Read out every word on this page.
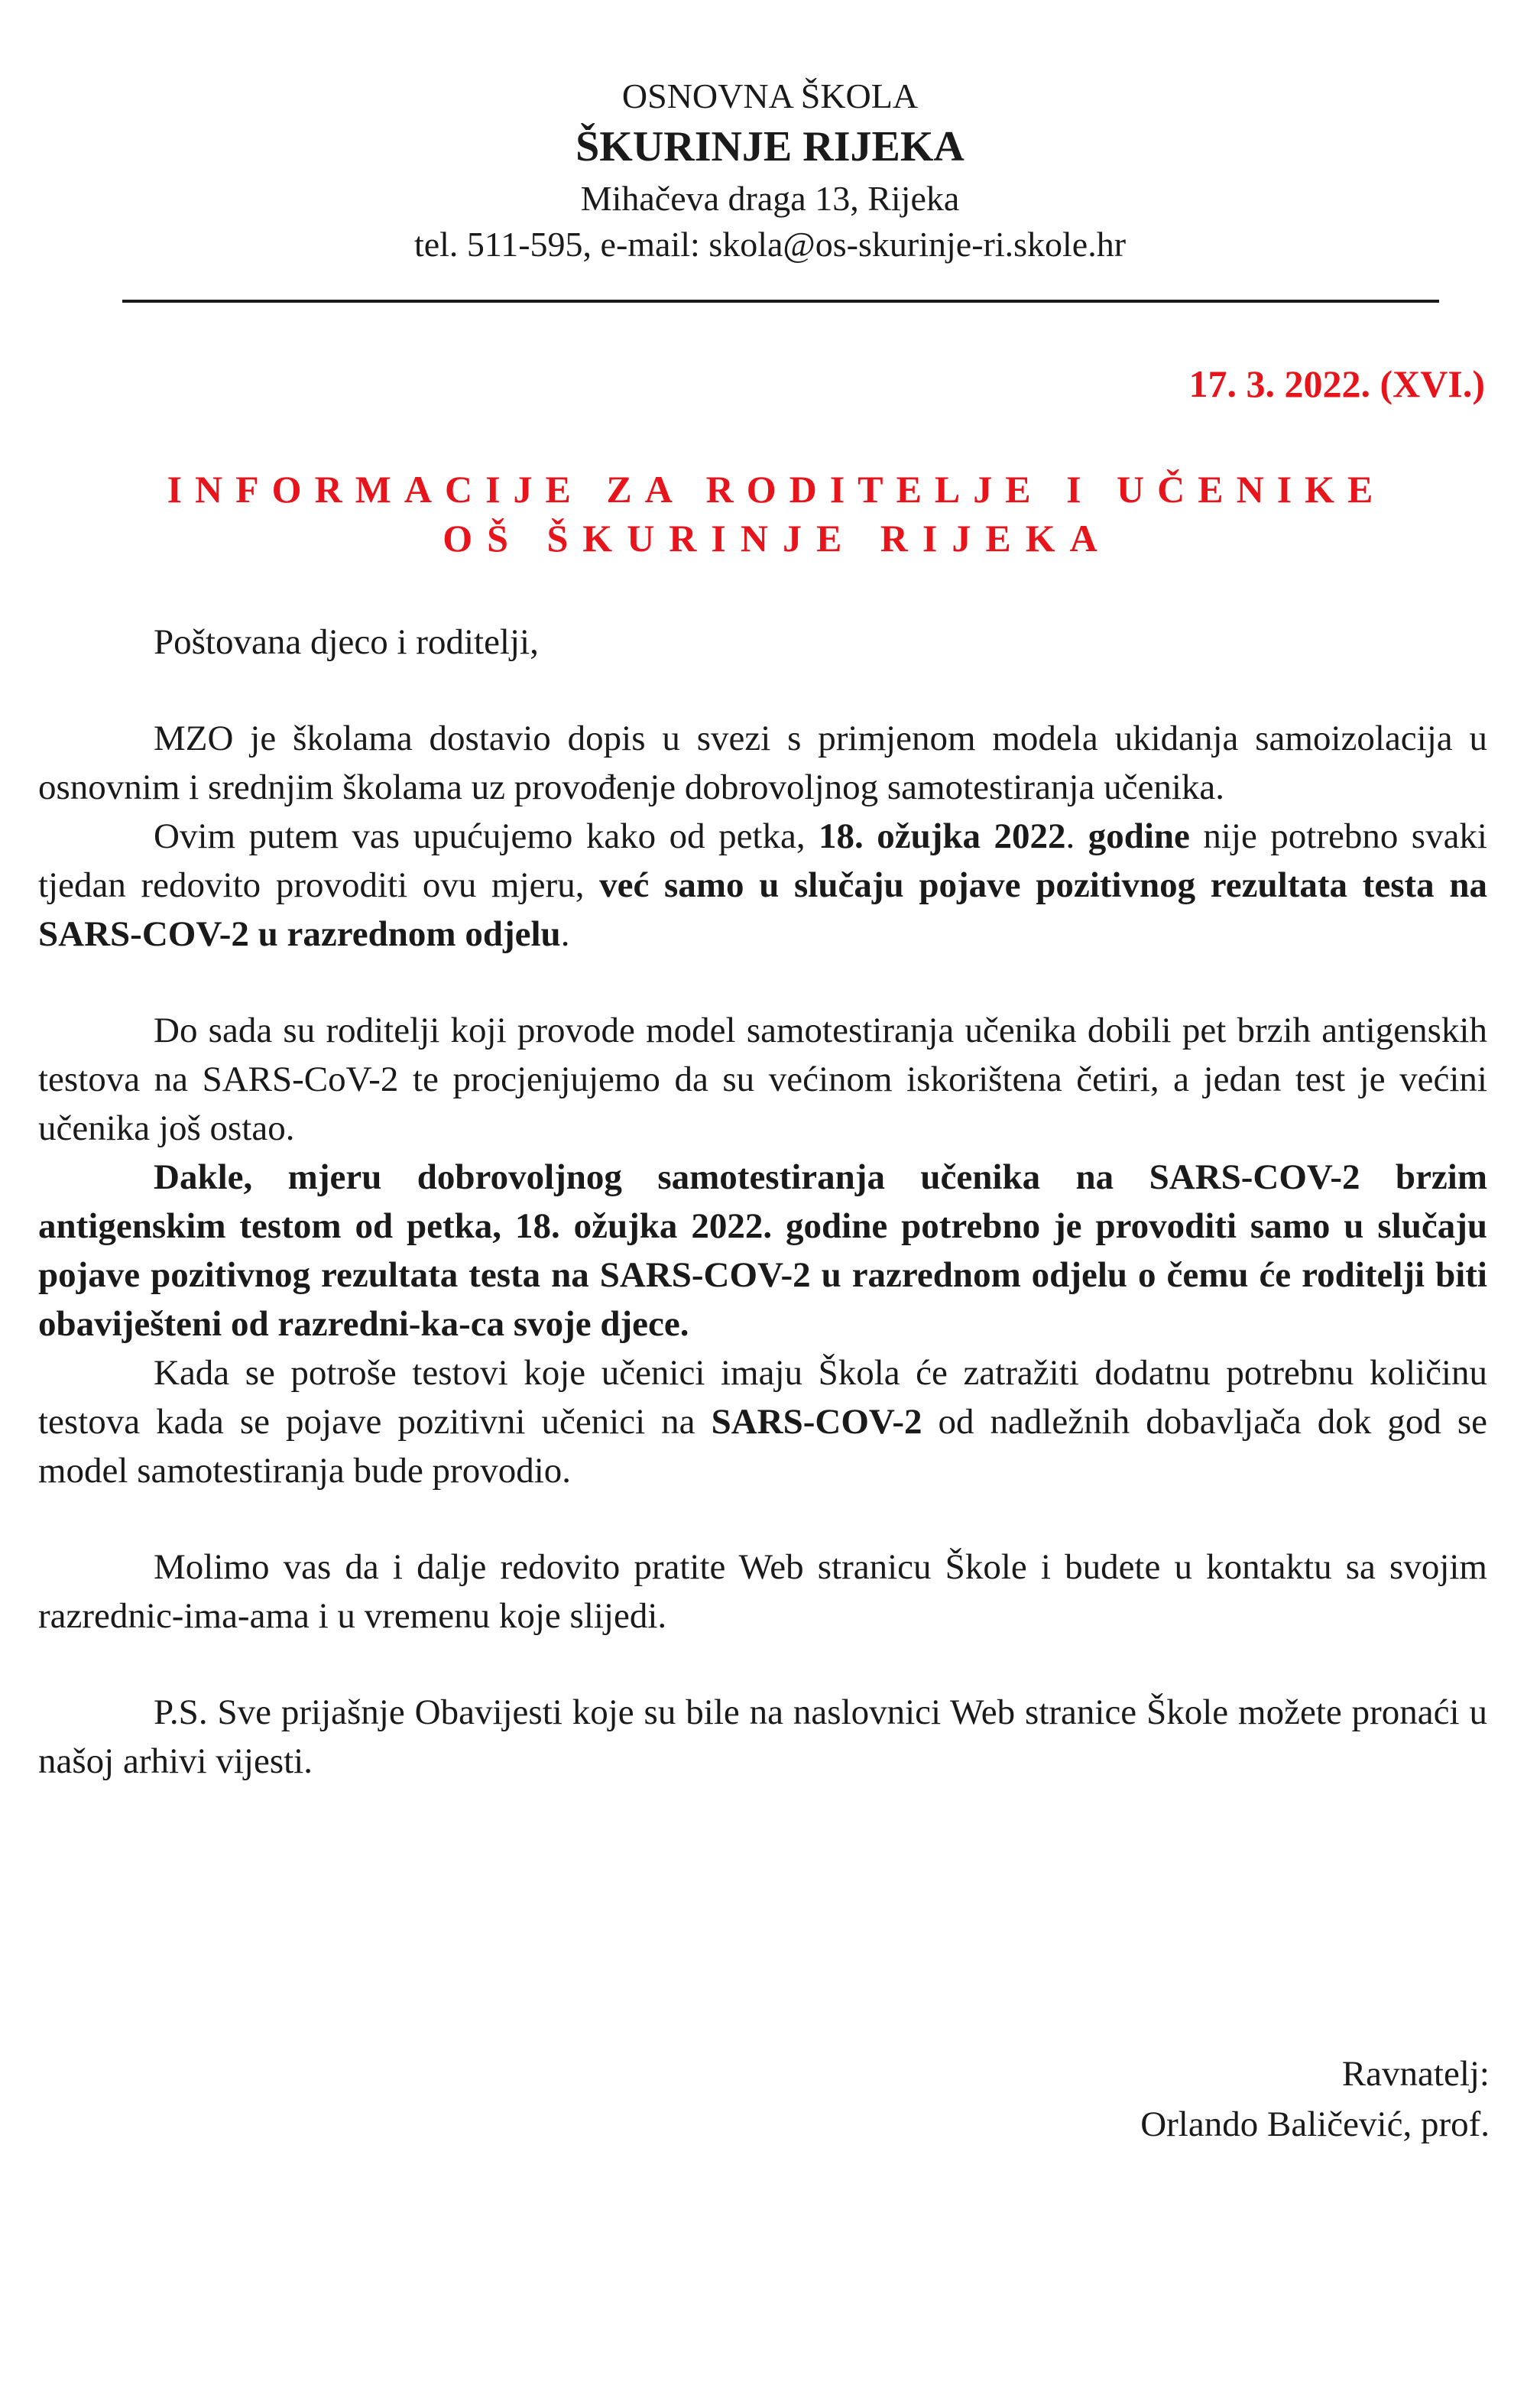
OSNOVNA ŠKOLA
ŠKURINJE RIJEKA
Mihačeva draga 13, Rijeka
tel. 511-595, e-mail: skola@os-skurinje-ri.skole.hr
17. 3. 2022. (XVI.)
INFORMACIJE ZA RODITELJE I UČENIKE
OŠ ŠKURINJE RIJEKA

Poštovana djeco i roditelji,

MZO je školama dostavio dopis u svezi s primjenom modela ukidanja samoizolacija u osnovnim i srednjim školama uz provođenje dobrovoljnog samotestiranja učenika.

Ovim putem vas upućujemo kako od petka, 18. ožujka 2022. godine nije potrebno svaki tjedan redovito provoditi ovu mjeru, već samo u slučaju pojave pozitivnog rezultata testa na SARS-COV-2 u razrednom odjelu.

Do sada su roditelji koji provode model samotestiranja učenika dobili pet brzih antigenskih testova na SARS-CoV-2 te procjenjujemo da su većinom iskorištena četiri, a jedan test je većini učenika još ostao.

Dakle, mjeru dobrovoljnog samotestiranja učenika na SARS-COV-2 brzim antigenskim testom od petka, 18. ožujka 2022. godine potrebno je provoditi samo u slučaju pojave pozitivnog rezultata testa na SARS-COV-2 u razrednom odjelu o čemu će roditelji biti obaviješteni od razredni-ka-ca svoje djece.

Kada se potroše testovi koje učenici imaju Škola će zatražiti dodatnu potrebnu količinu testova kada se pojave pozitivni učenici na SARS-COV-2 od nadležnih dobavljača dok god se model samotestiranja bude provodio.

Molimo vas da i dalje redovito pratite Web stranicu Škole i budete u kontaktu sa svojim razrednic-ima-ama i u vremenu koje slijedi.

P.S. Sve prijašnje Obavijesti koje su bile na naslovnici Web stranice Škole možete pronaći u našoj arhivi vijesti.

Ravnatelj:
Orlando Baličević, prof.
